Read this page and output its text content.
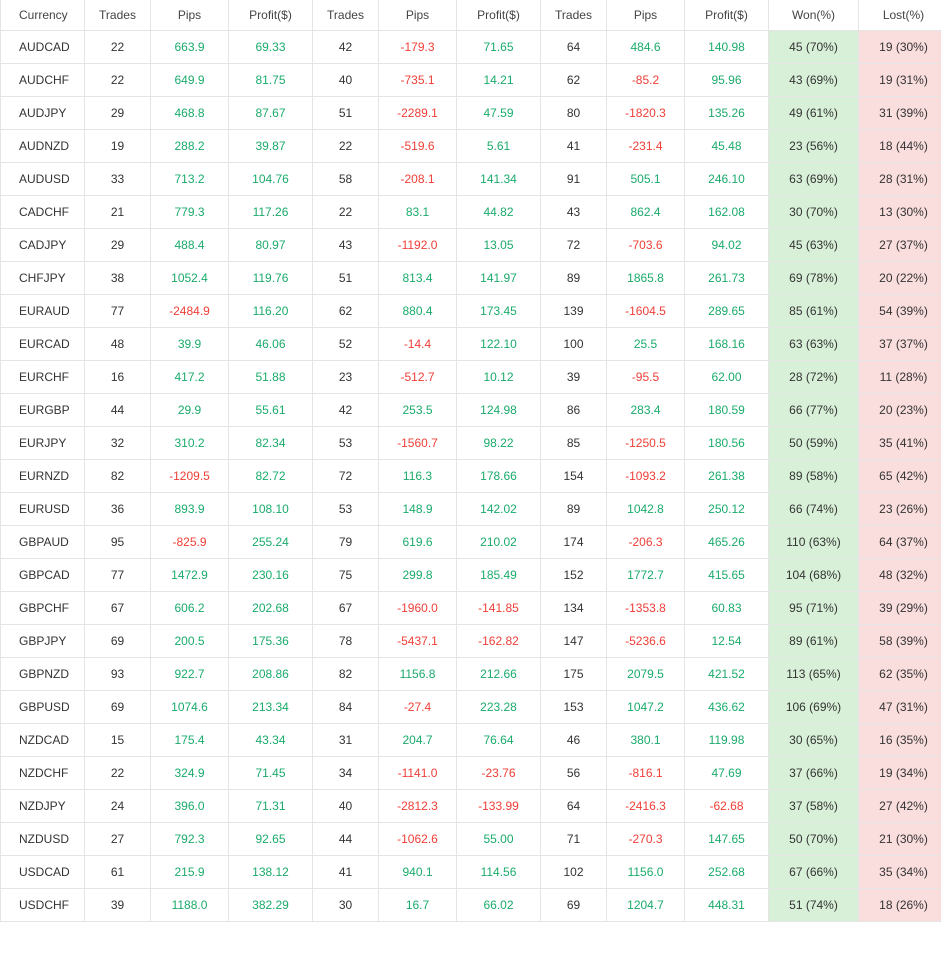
Currency	Trades	Pips	Profit($)	Trades	Pips	Profit($)	Trades	Pips	Profit($)	Won(%)	Lost(%)	

AUDCAD	22	663.9	69.33	42	-179.3	71.65	64	484.6	140.98	45 (70%)	19 (30%)	

AUDCHF	22	649.9	81.75	40	-735.1	14.21	62	-85.2	95.96	43 (69%)	19 (31%)	

AUDJPY	29	468.8	87.67	51	-2289.1	47.59	80	-1820.3	135.26	49 (61%)	31 (39%)	

AUDNZD	19	288.2	39.87	22	-519.6	5.61	41	-231.4	45.48	23 (56%)	18 (44%)	

AUDUSD	33	713.2	104.76	58	-208.1	141.34	91	505.1	246.10	63 (69%)	28 (31%)	

CADCHF	21	779.3	117.26	22	83.1	44.82	43	862.4	162.08	30 (70%)	13 (30%)	

CADJPY	29	488.4	80.97	43	-1192.0	13.05	72	-703.6	94.02	45 (63%)	27 (37%)	

CHFJPY	38	1052.4	119.76	51	813.4	141.97	89	1865.8	261.73	69 (78%)	20 (22%)	

EURAUD	77	-2484.9	116.20	62	880.4	173.45	139	-1604.5	289.65	85 (61%)	54 (39%)	

EURCAD	48	39.9	46.06	52	-14.4	122.10	100	25.5	168.16	63 (63%)	37 (37%)	

EURCHF	16	417.2	51.88	23	-512.7	10.12	39	-95.5	62.00	28 (72%)	11 (28%)	

EURGBP	44	29.9	55.61	42	253.5	124.98	86	283.4	180.59	66 (77%)	20 (23%)	

EURJPY	32	310.2	82.34	53	-1560.7	98.22	85	-1250.5	180.56	50 (59%)	35 (41%)	

EURNZD	82	-1209.5	82.72	72	116.3	178.66	154	-1093.2	261.38	89 (58%)	65 (42%)	

EURUSD	36	893.9	108.10	53	148.9	142.02	89	1042.8	250.12	66 (74%)	23 (26%)	

GBPAUD	95	-825.9	255.24	79	619.6	210.02	174	-206.3	465.26	110 (63%)	64 (37%)	

GBPCAD	77	1472.9	230.16	75	299.8	185.49	152	1772.7	415.65	104 (68%)	48 (32%)	

GBPCHF	67	606.2	202.68	67	-1960.0	-141.85	134	-1353.8	60.83	95 (71%)	39 (29%)	

GBPJPY	69	200.5	175.36	78	-5437.1	-162.82	147	-5236.6	12.54	89 (61%)	58 (39%)	

GBPNZD	93	922.7	208.86	82	1156.8	212.66	175	2079.5	421.52	113 (65%)	62 (35%)	

GBPUSD	69	1074.6	213.34	84	-27.4	223.28	153	1047.2	436.62	106 (69%)	47 (31%)	

NZDCAD	15	175.4	43.34	31	204.7	76.64	46	380.1	119.98	30 (65%)	16 (35%)	

NZDCHF	22	324.9	71.45	34	-1141.0	-23.76	56	-816.1	47.69	37 (66%)	19 (34%)	

NZDJPY	24	396.0	71.31	40	-2812.3	-133.99	64	-2416.3	-62.68	37 (58%)	27 (42%)	

NZDUSD	27	792.3	92.65	44	-1062.6	55.00	71	-270.3	147.65	50 (70%)	21 (30%)	

USDCAD	61	215.9	138.12	41	940.1	114.56	102	1156.0	252.68	67 (66%)	35 (34%)	

USDCHF	39	1188.0	382.29	30	16.7	66.02	69	1204.7	448.31	51 (74%)	18 (26%)	
